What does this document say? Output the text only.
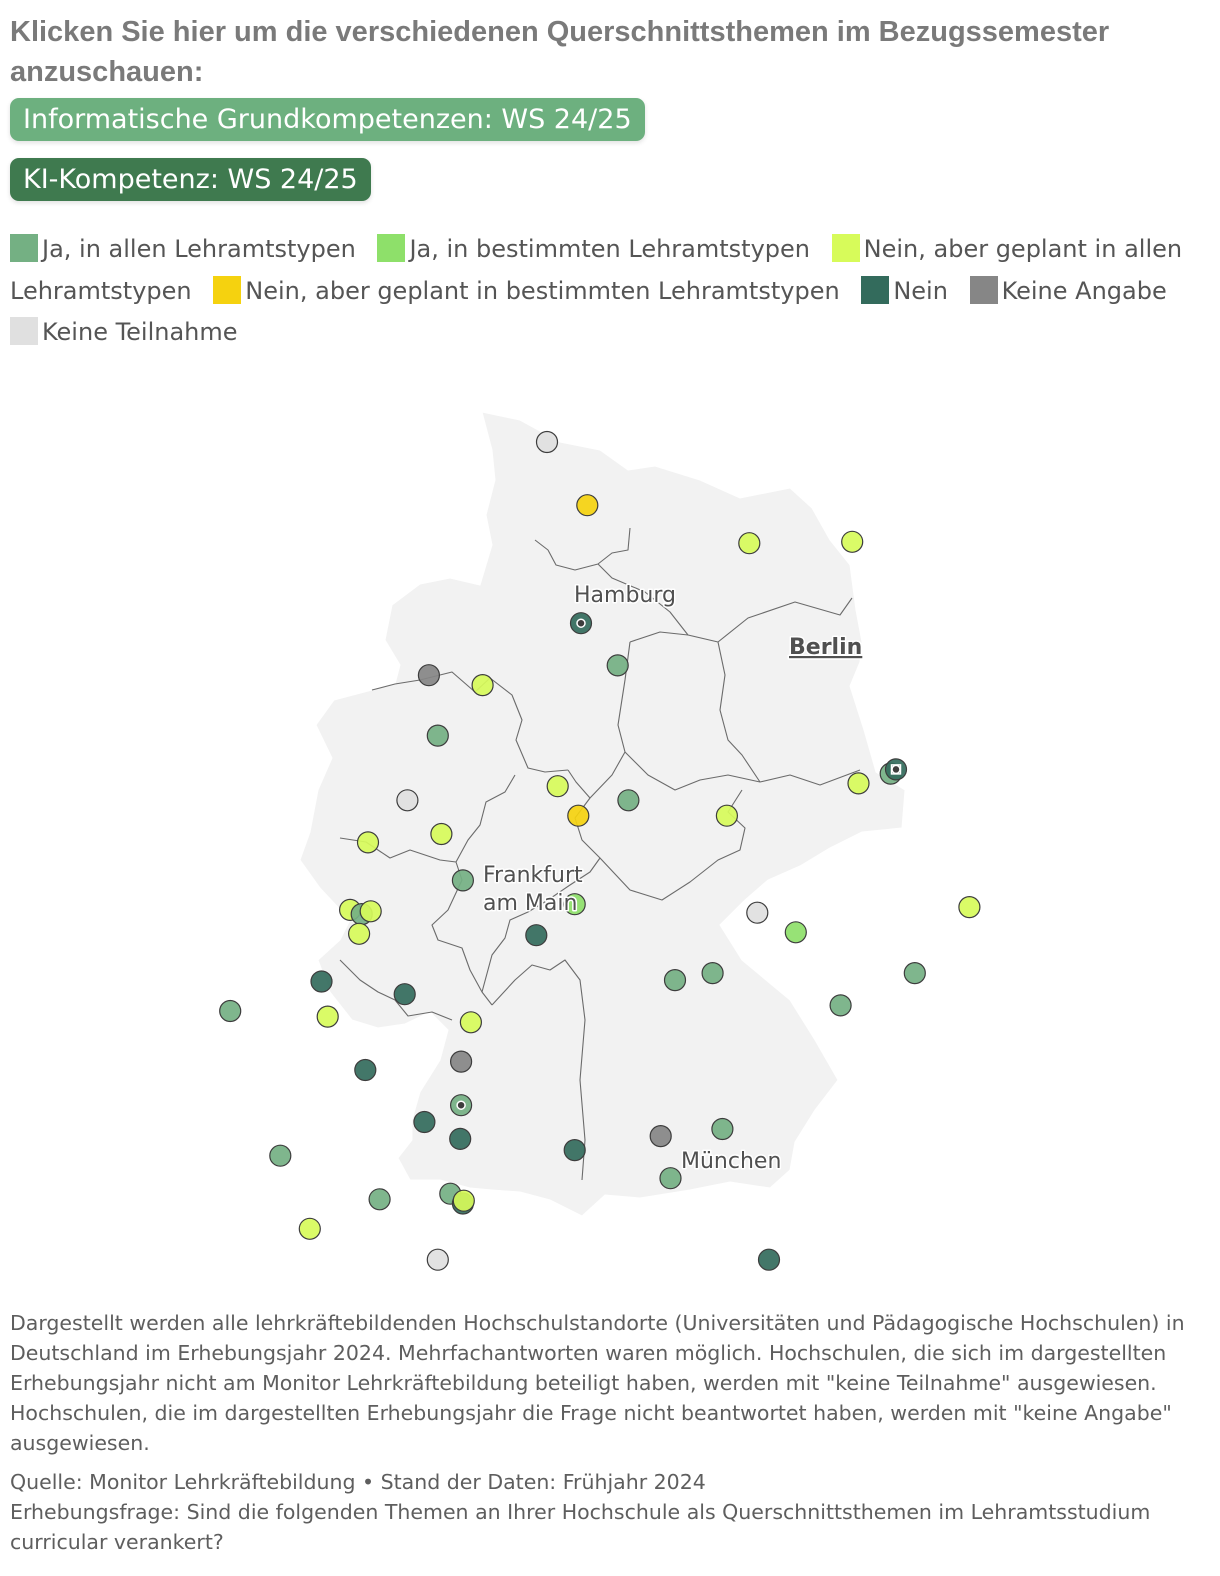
Klicken Sie hier um die verschiedenen Querschnittsthemen im Bezugssemester anzuschauen:
Informatische Grundkompetenzen: WS 24/25
KI-Kompetenz: WS 24/25
Ja, in allen Lehramtstypen Ja, in bestimmten Lehramtstypen Nein, aber geplant in allen Lehramtstypen Nein, aber geplant in bestimmten Lehramtstypen Nein Keine Angabe Keine Teilnahme
Hamburg
Berlin
Frankfurt am Main
München
Dargestellt werden alle lehrkräftebildenden Hochschulstandorte (Universitäten und Pädagogische Hochschulen) in Deutschland im Erhebungsjahr 2024. Mehrfachantworten waren möglich. Hochschulen, die sich im dargestellten Erhebungsjahr nicht am Monitor Lehrkräftebildung beteiligt haben, werden mit "keine Teilnahme" ausgewiesen. Hochschulen, die im dargestellten Erhebungsjahr die Frage nicht beantwortet haben, werden mit "keine Angabe" ausgewiesen.
Quelle: Monitor Lehrkräftebildung • Stand der Daten: Frühjahr 2024
Erhebungsfrage: Sind die folgenden Themen an Ihrer Hochschule als Querschnittsthemen im Lehramtsstudium curricular verankert?
